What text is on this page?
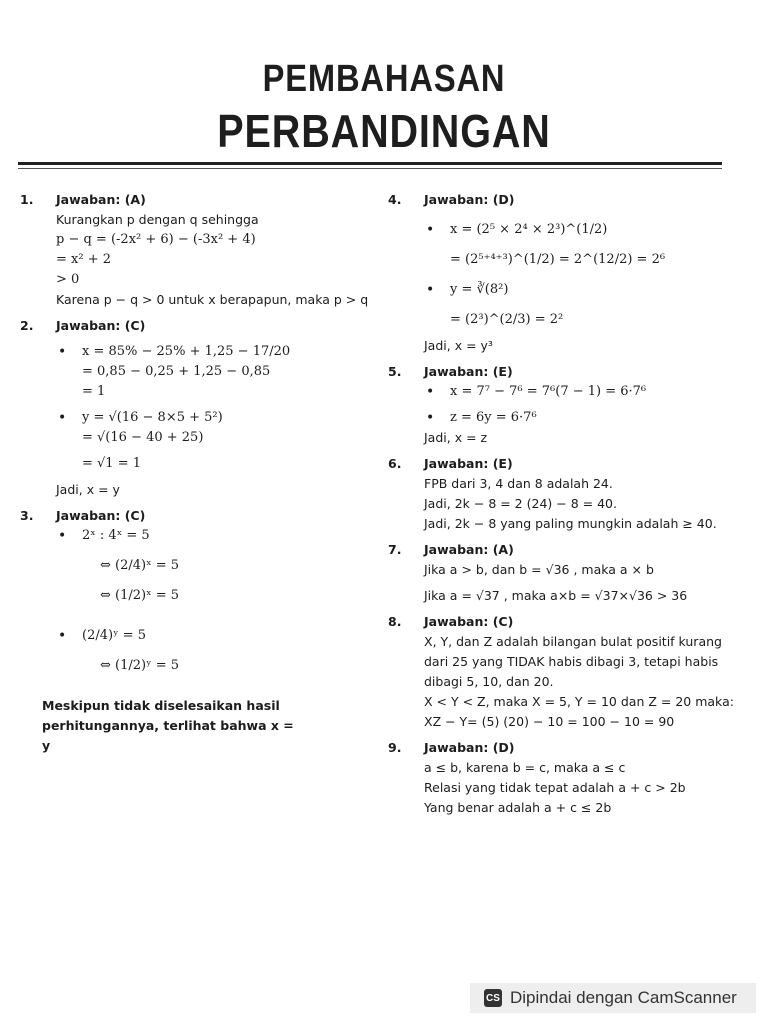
PEMBAHASAN
PERBANDINGAN
1. Jawaban: (A)
Kurangkan p dengan q sehingga
p − q = (-2x² + 6) − (-3x² + 4)
= x² + 2
> 0
Karena p − q > 0 untuk x berapapun, maka p > q
2. Jawaban: (C)
• x = 85% − 25% + 1,25 − 17/20
= 0,85 − 0,25 + 1,25 − 0,85
= 1
• y = √(16 − 8×5 + 5²)
= √(16 − 40 + 25)
= √1 = 1
Jadi, x = y
3. Jawaban: (C)
• 2ˣ : 4ˣ = 5
⇔ (2/4)ˣ = 5
⇔ (1/2)ˣ = 5
• (2/4)ʸ = 5
⇔ (1/2)ʸ = 5
Meskipun tidak diselesaikan hasil perhitungannya, terlihat bahwa x = y
4. Jawaban: (D)
• x = (2⁵ × 2⁴ × 2³)^(1/2)
= (2⁵⁺⁴⁺³)^(1/2) = 2^(12/2) = 2⁶
• y = ∛(8²)
= (2³)^(2/3) = 2²
Jadi, x = y³
5. Jawaban: (E)
• x = 7⁷ − 7⁶ = 7⁶(7 − 1) = 6·7⁶
• z = 6y = 6·7⁶
Jadi, x = z
6. Jawaban: (E)
FPB dari 3, 4 dan 8 adalah 24.
Jadi, 2k − 8 = 2 (24) − 8 = 40.
Jadi, 2k − 8 yang paling mungkin adalah ≥ 40.
7. Jawaban: (A)
Jika a > b, dan b = √36 , maka a × b
Jika a = √37 , maka a×b = √37×√36 > 36
8. Jawaban: (C)
X, Y, dan Z adalah bilangan bulat positif kurang dari 25 yang TIDAK habis dibagi 3, tetapi habis dibagi 5, 10, dan 20.
X < Y < Z, maka X = 5, Y = 10 dan Z = 20 maka:
XZ − Y= (5) (20) − 10 = 100 − 10 = 90
9. Jawaban: (D)
a ≤ b, karena b = c, maka a ≤ c
Relasi yang tidak tepat adalah a + c > 2b
Yang benar adalah a + c ≤ 2b
CS Dipindai dengan CamScanner
